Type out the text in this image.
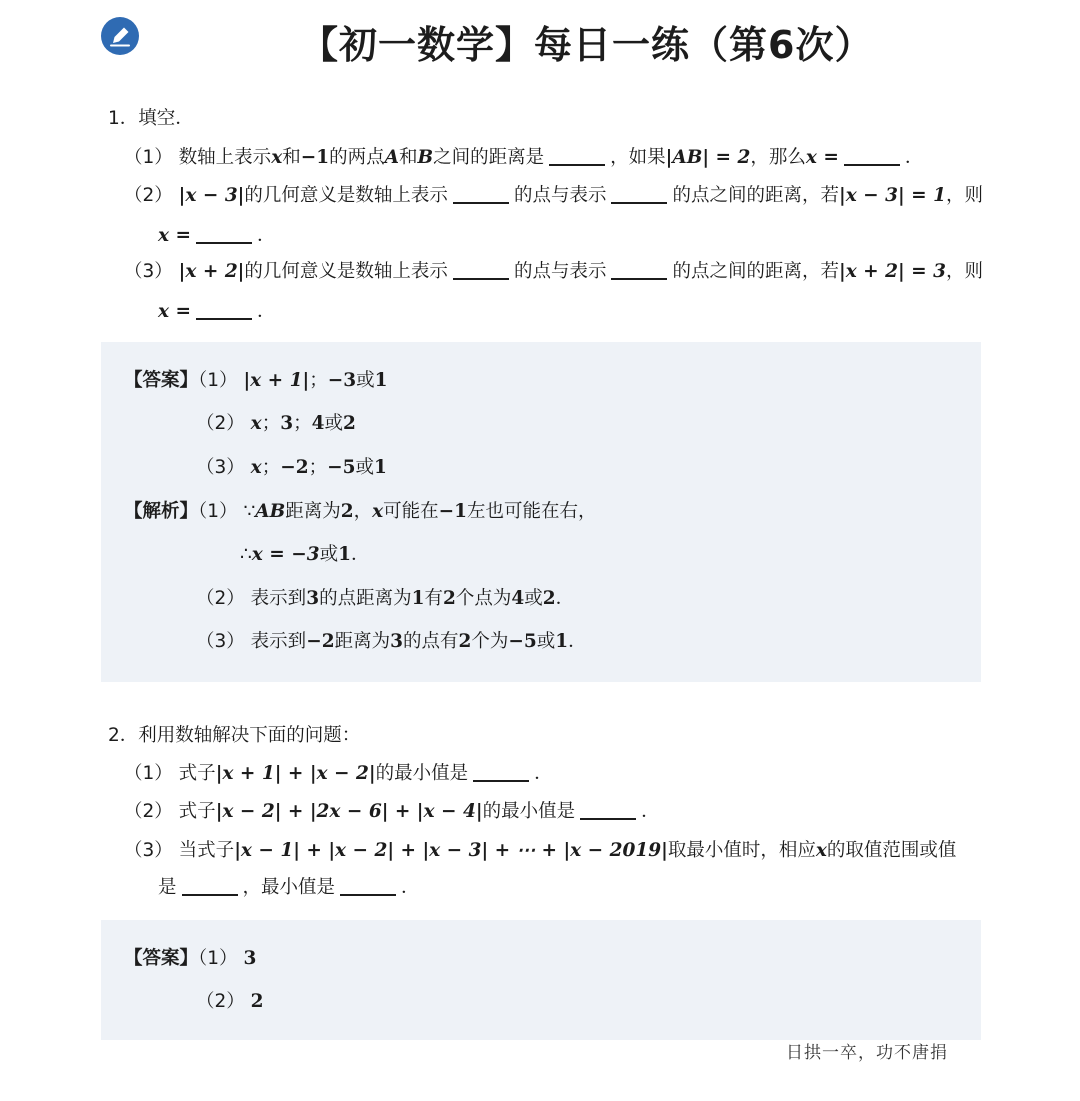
【初一数学】每日一练（第6次）
1．填空．
（1） 数轴上表示x和−1的两点A和B之间的距离是	，如果|AB| = 2，那么x =	．
（2） |x − 3|的几何意义是数轴上表示	的点与表示	的点之间的距离，若|x − 3| = 1，则
x =	．
（3） |x + 2|的几何意义是数轴上表示	的点与表示	的点之间的距离，若|x + 2| = 3，则
x =	．
【答案】（1） |x + 1|；−3或1
（2） x；3；4或2
（3） x；−2；−5或1
【解析】（1） ∵AB距离为2，x可能在−1左也可能在右，
∴x = −3或1．
（2） 表示到3的点距离为1有2个点为4或2．
（3） 表示到−2距离为3的点有2个为−5或1．
2．利用数轴解决下面的问题：
（1） 式子|x + 1| + |x − 2|的最小值是	．
（2） 式子|x − 2| + |2x − 6| + |x − 4|的最小值是	．
（3） 当式子|x − 1| + |x − 2| + |x − 3| + ⋯ + |x − 2019|取最小值时，相应x的取值范围或值
是	，最小值是	．
【答案】（1） 3
（2） 2
日拱一卒，功不唐捐
